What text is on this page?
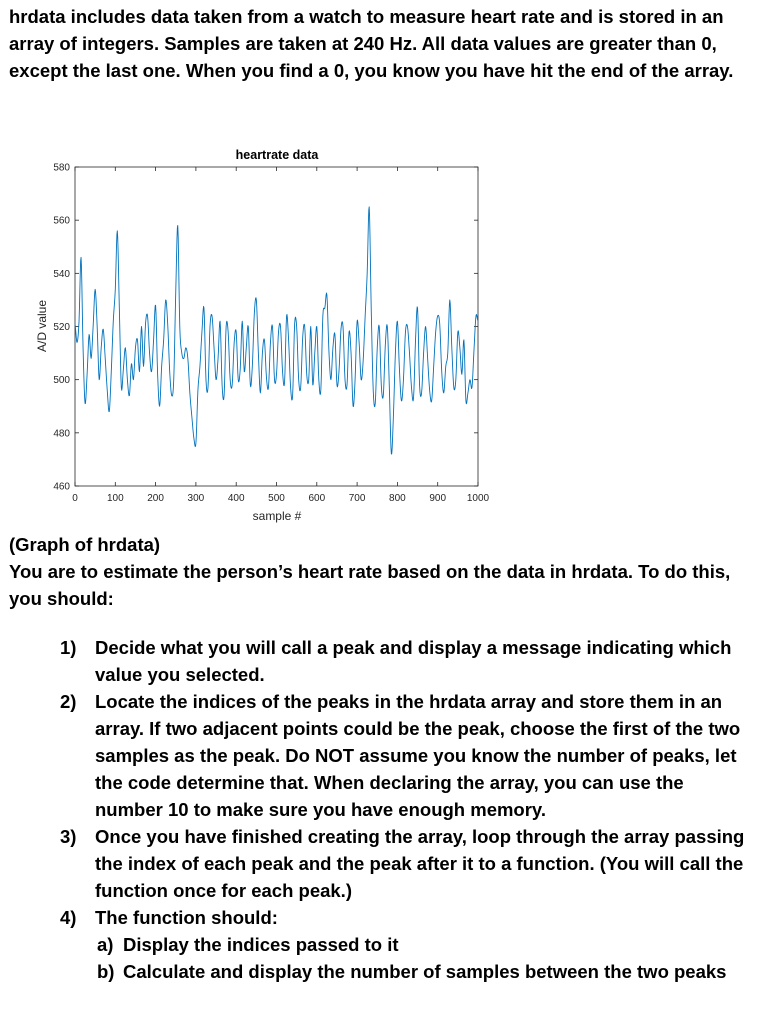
hrdata includes data taken from a watch to measure heart rate and is stored in an array of integers. Samples are taken at 240 Hz. All data values are greater than 0, except the last one. When you find a 0, you know you have hit the end of the array.
heartrate data
sample #
A/D value
0	100 200 300 400 500 600 700 800 900 1000
460
480
500
520
540
560
580
(Graph of hrdata)
You are to estimate the person’s heart rate based on the data in hrdata. To do this, you should:
1) Decide what you will call a peak and display a message indicating which value you selected.
2) Locate the indices of the peaks in the hrdata array and store them in an array. If two adjacent points could be the peak, choose the first of the two samples as the peak. Do NOT assume you know the number of peaks, let the code determine that. When declaring the array, you can use the number 10 to make sure you have enough memory.
3) Once you have finished creating the array, loop through the array passing the index of each peak and the peak after it to a function. (You will call the function once for each peak.)
4) The function should:
a) Display the indices passed to it
b) Calculate and display the number of samples between the two peaks
